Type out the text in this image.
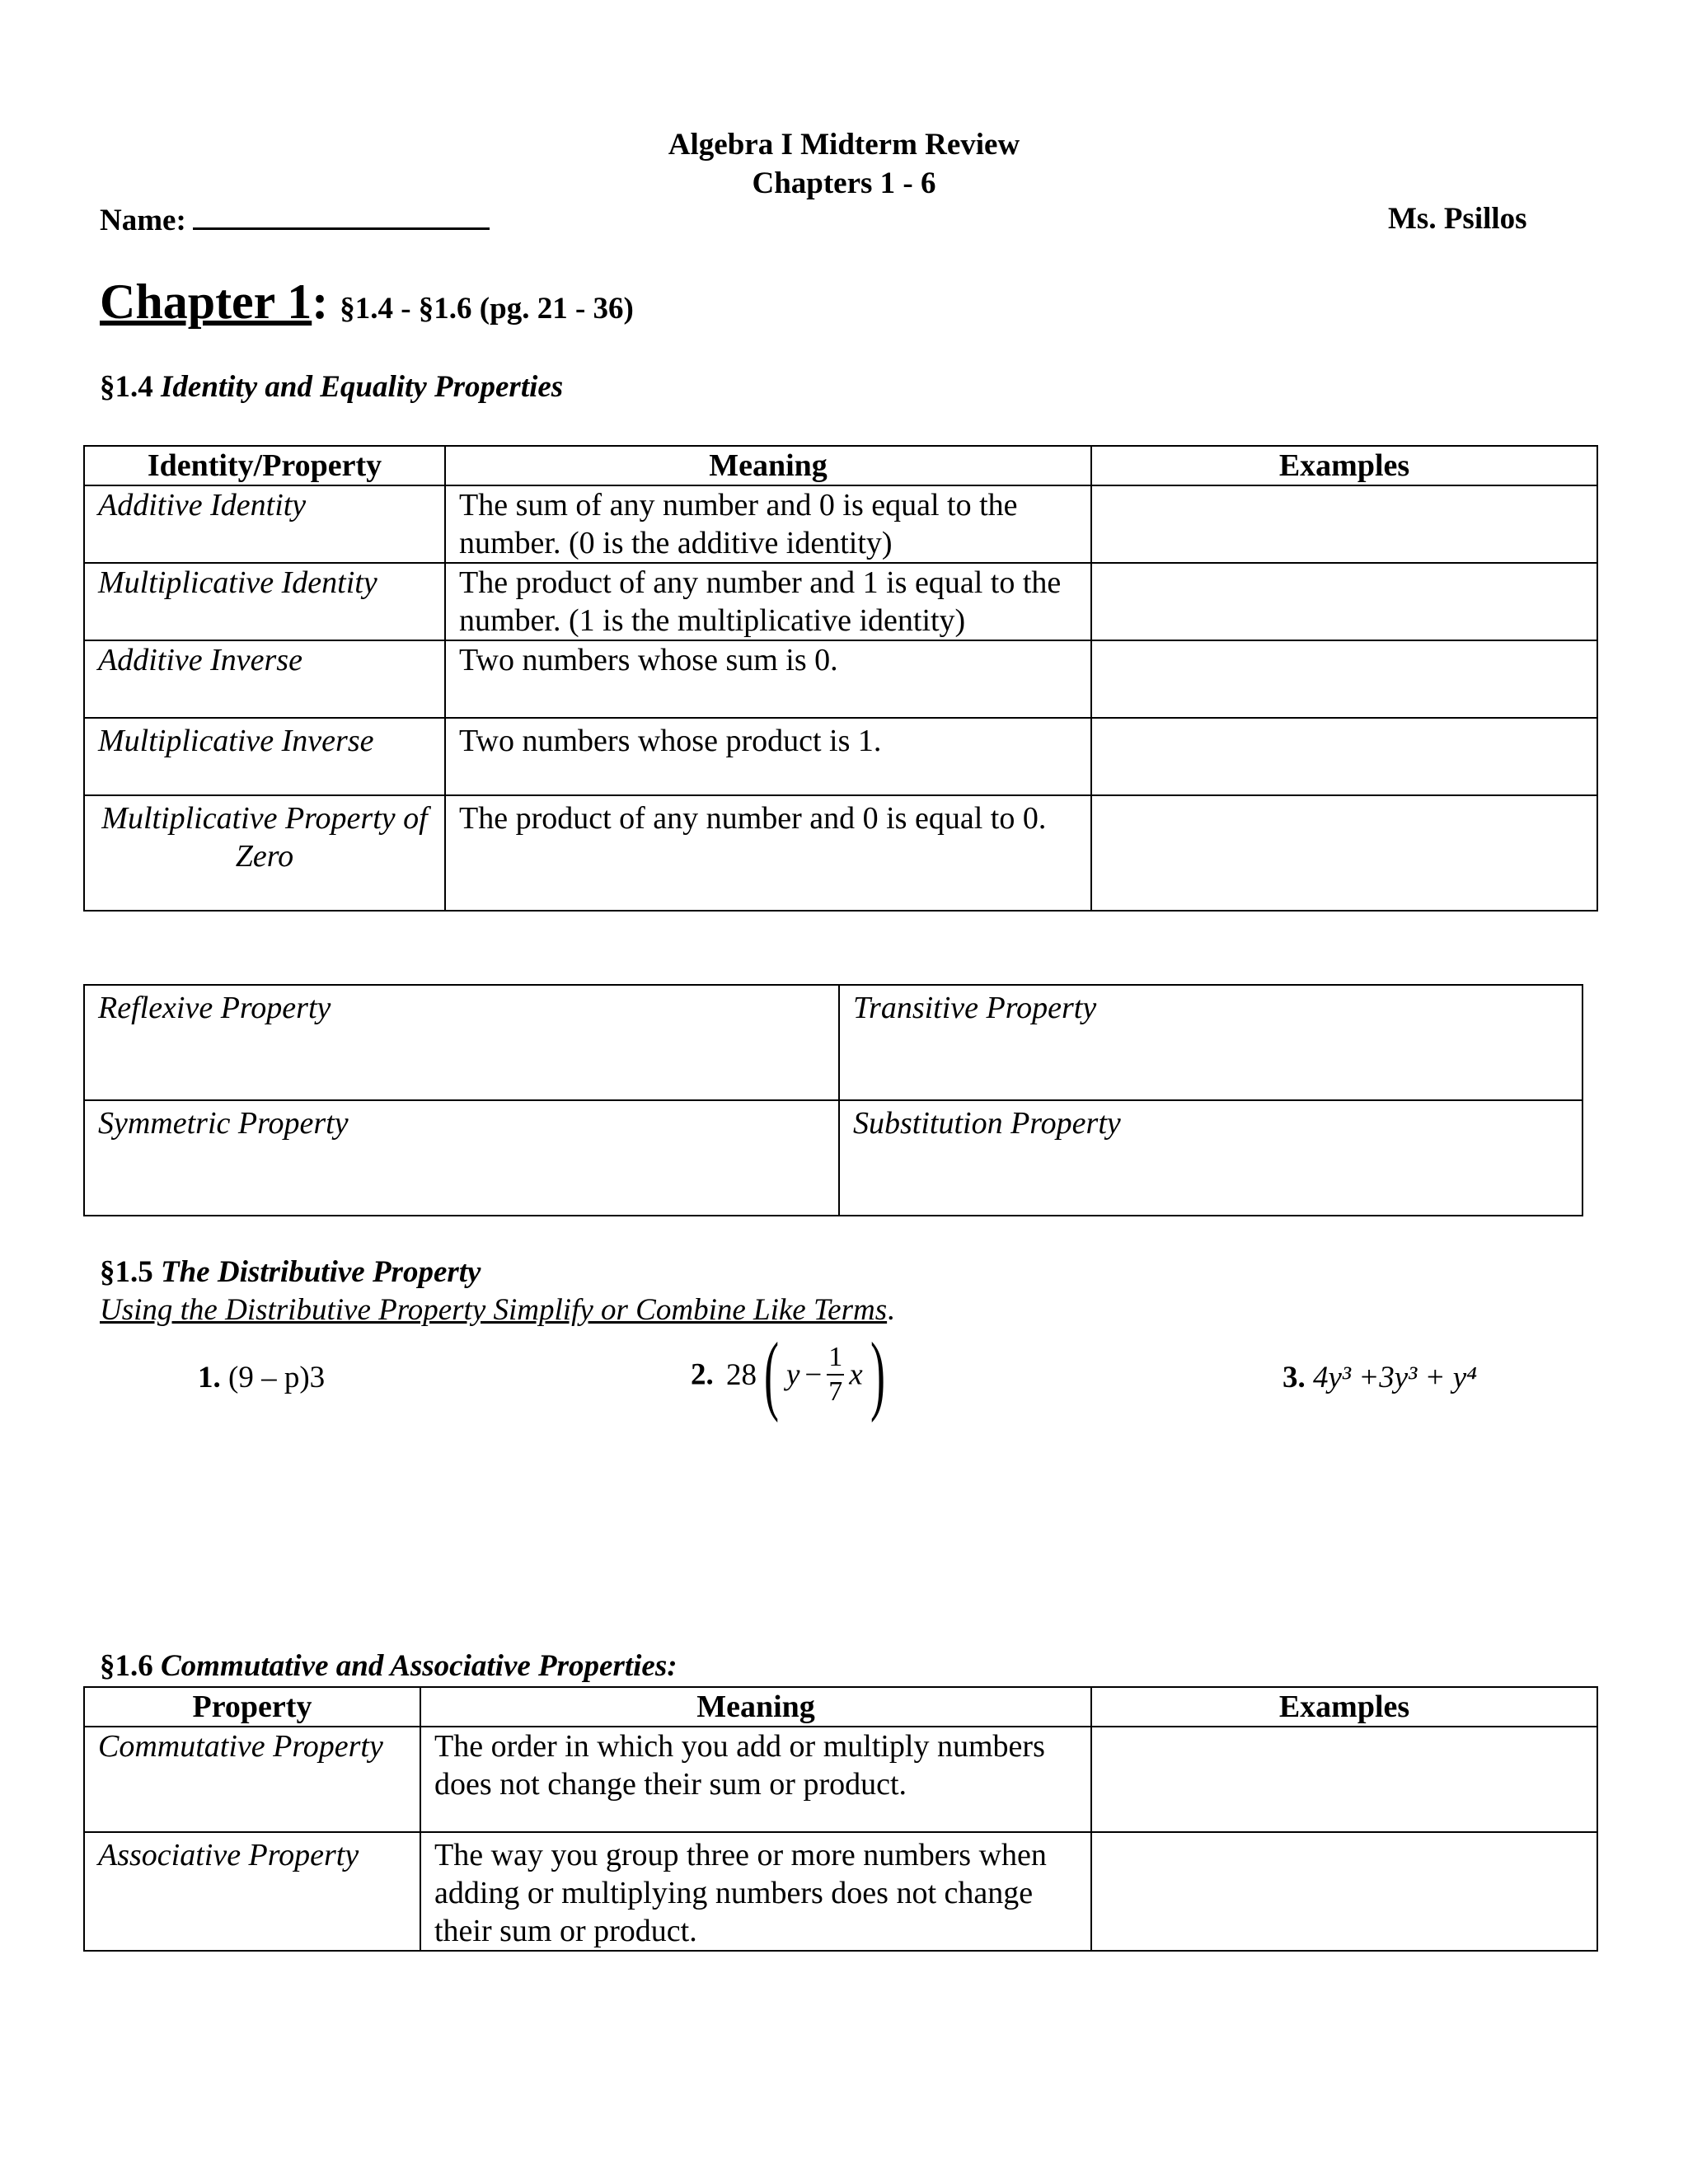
Algebra I Midterm Review
Chapters 1 - 6
Name:	Ms. Psillos
Chapter 1: §1.4 - §1.6 (pg. 21 - 36)
§1.4 Identity and Equality Properties
Identity/Property	Meaning	Examples
Additive Identity	The sum of any number and 0 is equal to the number. (0 is the additive identity)	
Multiplicative Identity	The product of any number and 1 is equal to the number. (1 is the multiplicative identity)	
Additive Inverse	Two numbers whose sum is 0.	
Multiplicative Inverse	Two numbers whose product is 1.	
Multiplicative Property of Zero	The product of any number and 0 is equal to 0.	
Reflexive Property	Transitive Property
Symmetric Property	Substitution Property
§1.5 The Distributive Property
Using the Distributive Property Simplify or Combine Like Terms.
1. (9 – p)3	2. 28( $y - \frac{1}{7} x$)	3. 4y³ +3y³ + y⁴
§1.6 Commutative and Associative Properties:
Property	Meaning	Examples
Commutative Property	The order in which you add or multiply numbers does not change their sum or product.	
Associative Property	The way you group three or more numbers when adding or multiplying numbers does not change their sum or product.	
